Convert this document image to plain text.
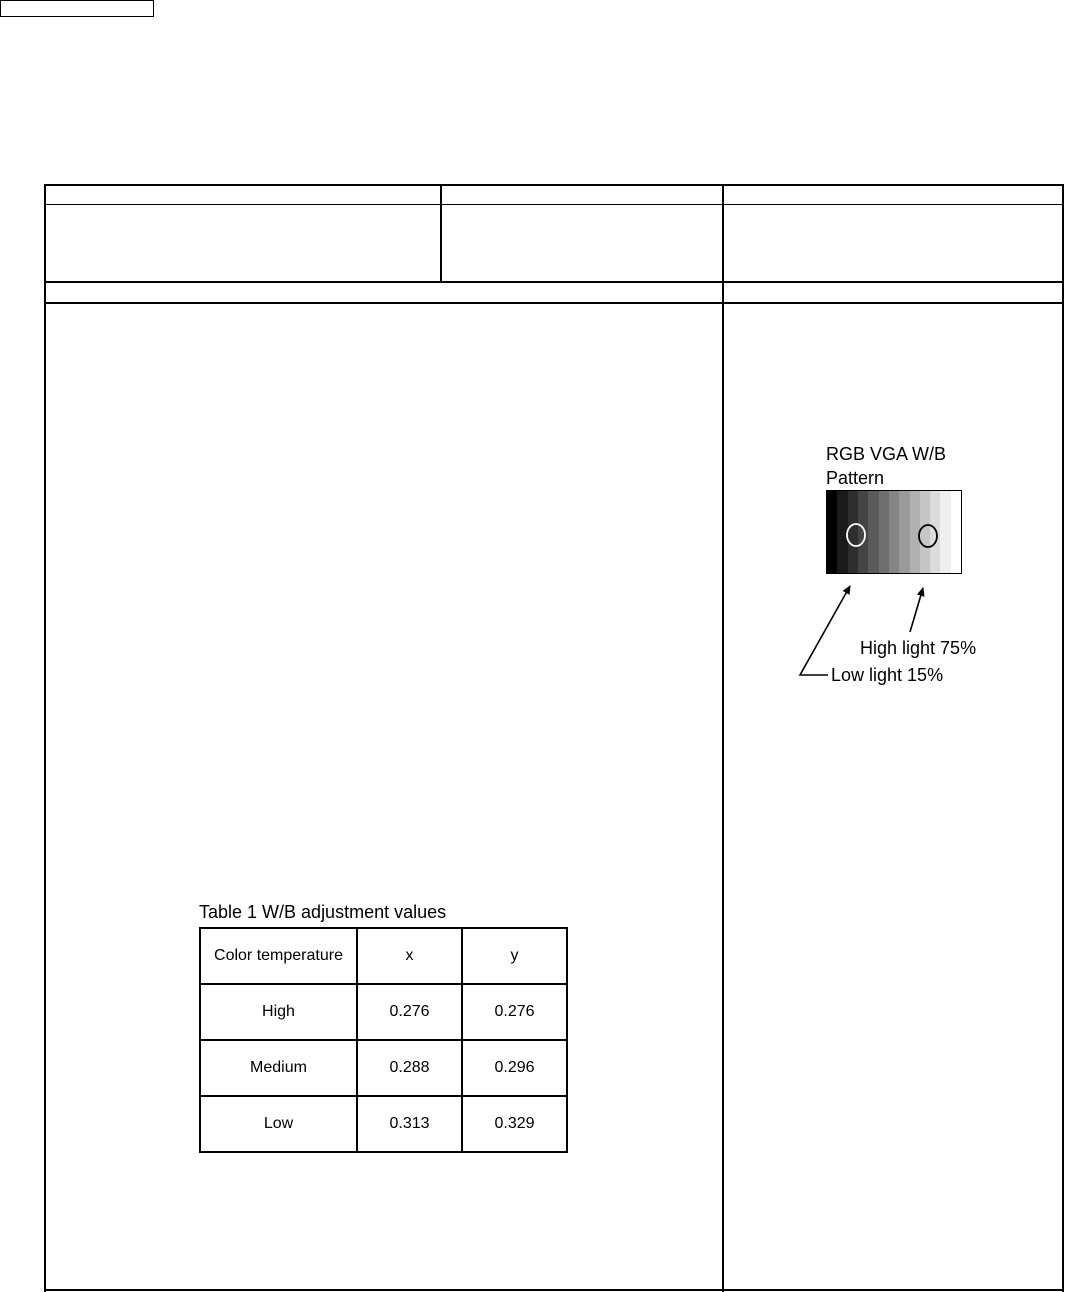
RGB VGA W/B
Pattern
High light 75%
Low light 15%
Table 1 W/B adjustment values
Color temperature	x	y
High	0.276	0.276
Medium	0.288	0.296
Low	0.313	0.329
